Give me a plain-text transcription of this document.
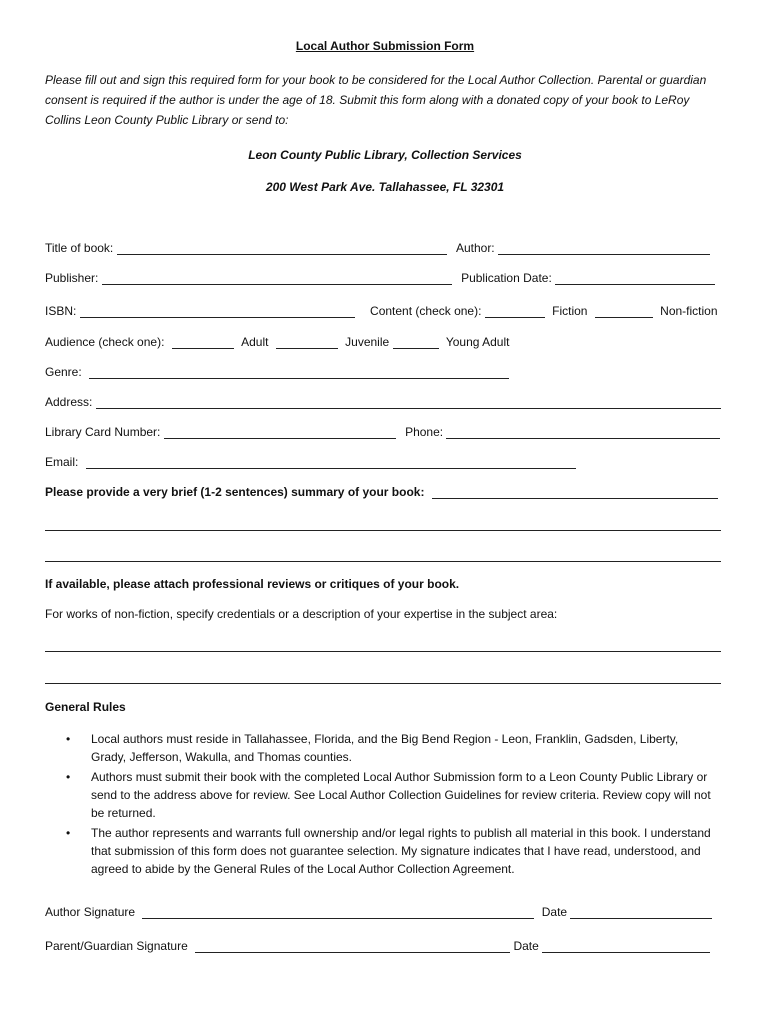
Local Author Submission Form
Please fill out and sign this required form for your book to be considered for the Local Author Collection. Parental or guardian consent is required if the author is under the age of 18. Submit this form along with a donated copy of your book to LeRoy Collins Leon County Public Library or send to:
Leon County Public Library, Collection Services
200 West Park Ave. Tallahassee, FL 32301
Title of book:	Author:
Publisher:	Publication Date:
ISBN:	Content (check one):	Fiction	Non-fiction
Audience (check one):	Adult	Juvenile	Young Adult
Genre:
Address:
Library Card Number:	Phone:
Email:
Please provide a very brief (1-2 sentences) summary of your book:
If available, please attach professional reviews or critiques of your book.
For works of non-fiction, specify credentials or a description of your expertise in the subject area:
General Rules
• Local authors must reside in Tallahassee, Florida, and the Big Bend Region - Leon, Franklin, Gadsden, Liberty, Grady, Jefferson, Wakulla, and Thomas counties.
• Authors must submit their book with the completed Local Author Submission form to a Leon County Public Library or send to the address above for review. See Local Author Collection Guidelines for review criteria. Review copy will not be returned.
• The author represents and warrants full ownership and/or legal rights to publish all material in this book. I understand that submission of this form does not guarantee selection. My signature indicates that I have read, understood, and agreed to abide by the General Rules of the Local Author Collection Agreement.
Author Signature	Date
Parent/Guardian Signature	Date
